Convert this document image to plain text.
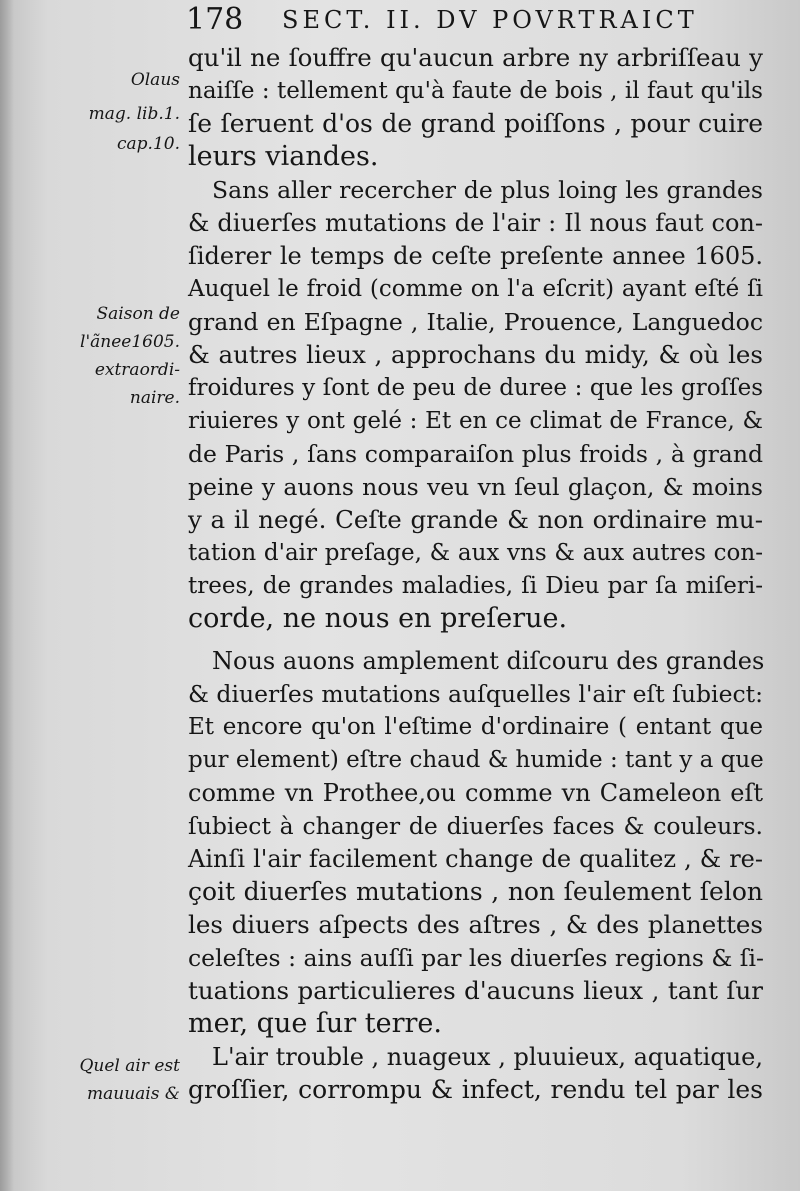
178 SECT. II. DV POVRTRAICT
Olaus
mag. lib.1.
cap.10.
Saison de
l'ãnee1605.
extraordi-
naire.
Quel air est
mauuais &
qu'il ne ſouffre qu'aucun arbre ny arbriſſeau y
naiſſe : tellement qu'à faute de bois , il faut qu'ils
ſe ſeruent d'os de grand poiſſons , pour cuire
leurs viandes.
Sans aller recercher de plus loing les grandes
& diuerſes mutations de l'air : Il nous faut con-
ſiderer le temps de ceſte preſente annee 1605.
Auquel le froid (comme on l'a eſcrit) ayant eſté ſi
grand en Eſpagne , Italie, Prouence, Languedoc
& autres lieux , approchans du midy, & où les
froidures y ſont de peu de duree : que les groſſes
riuieres y ont gelé : Et en ce climat de France, &
de Paris , ſans comparaiſon plus froids , à grand
peine y auons nous veu vn ſeul glaçon, & moins
y a il negé. Ceſte grande & non ordinaire mu-
tation d'air preſage, & aux vns & aux autres con-
trees, de grandes maladies, ſi Dieu par ſa miſeri-
corde, ne nous en preſerue.
Nous auons amplement diſcouru des grandes
& diuerſes mutations auſquelles l'air eſt ſubiect:
Et encore qu'on l'eſtime d'ordinaire ( entant que
pur element) eſtre chaud & humide : tant y a que
comme vn Prothee,ou comme vn Cameleon eſt
ſubiect à changer de diuerſes faces & couleurs.
Ainſi l'air facilement change de qualitez , & re-
çoit diuerſes mutations , non ſeulement ſelon
les diuers aſpects des aſtres , & des planettes
celeſtes : ains auſſi par les diuerſes regions & ſi-
tuations particulieres d'aucuns lieux , tant ſur
mer, que ſur terre.
L'air trouble , nuageux , pluuieux, aquatique,
groſſier, corrompu & infect, rendu tel par les
